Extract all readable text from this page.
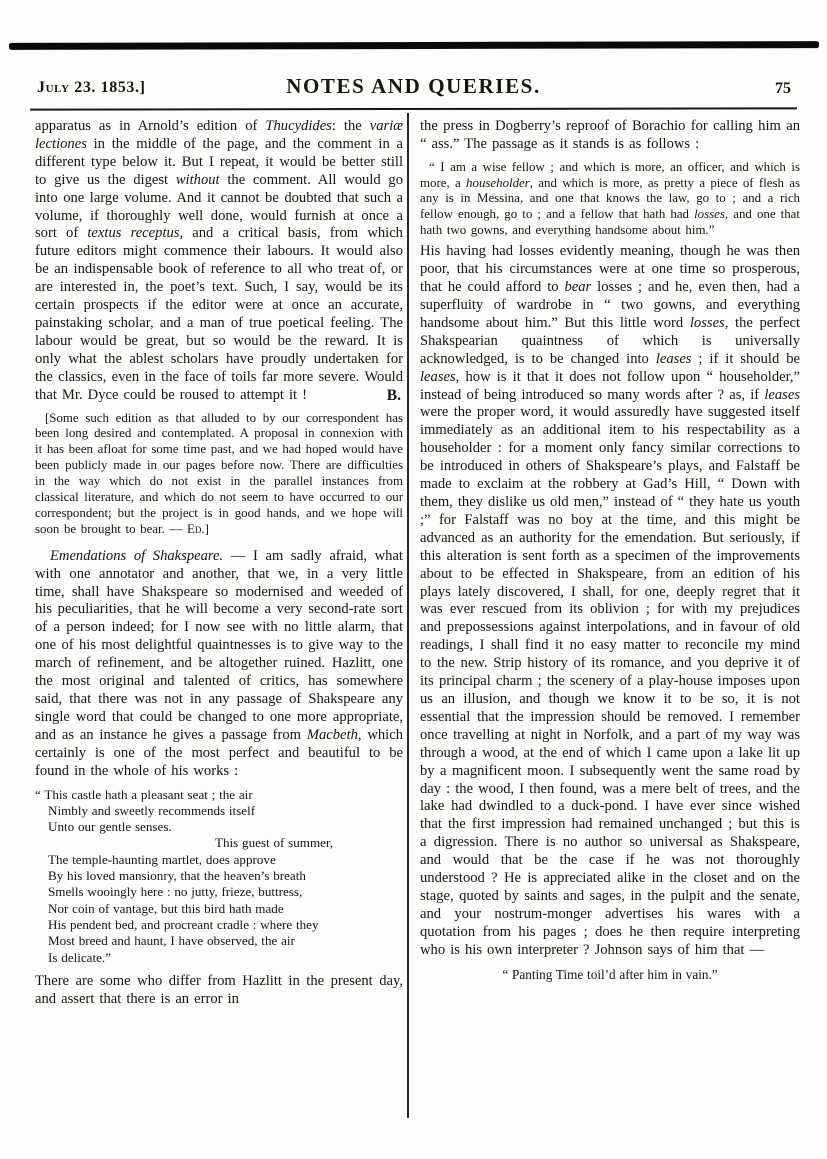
July 23. 1853.]	NOTES AND QUERIES.	75

apparatus as in Arnold’s edition of Thucydides: the variæ lectiones in the middle of the page, and the comment in a different type below it. But I repeat, it would be better still to give us the digest without the comment. All would go into one large volume. And it cannot be doubted that such a volume, if thoroughly well done, would furnish at once a sort of textus receptus, and a critical basis, from which future editors might commence their labours. It would also be an indispensable book of reference to all who treat of, or are interested in, the poet’s text. Such, I say, would be its certain prospects if the editor were at once an accurate, painstaking scholar, and a man of true poetical feeling. The labour would be great, but so would be the reward. It is only what the ablest scholars have proudly undertaken for the classics, even in the face of toils far more severe. Would that Mr. Dyce could be roused to attempt it !	B.

[Some such edition as that alluded to by our correspondent has been long desired and contemplated. A proposal in connexion with it has been afloat for some time past, and we had hoped would have been publicly made in our pages before now. There are difficulties in the way which do not exist in the parallel instances from classical literature, and which do not seem to have occurred to our correspondent; but the project is in good hands, and we hope will soon be brought to bear. — Ed.]

Emendations of Shakspeare. — I am sadly afraid, what with one annotator and another, that we, in a very little time, shall have Shakspeare so modernised and weeded of his peculiarities, that he will become a very second-rate sort of a person indeed; for I now see with no little alarm, that one of his most delightful quaintnesses is to give way to the march of refinement, and be altogether ruined. Hazlitt, one the most original and talented of critics, has somewhere said, that there was not in any passage of Shakspeare any single word that could be changed to one more appropriate, and as an instance he gives a passage from Macbeth, which certainly is one of the most perfect and beautiful to be found in the whole of his works :

“ This castle hath a pleasant seat ; the air
Nimbly and sweetly recommends itself
Unto our gentle senses.
This guest of summer,
The temple-haunting martlet, does approve
By his loved mansionry, that the heaven’s breath
Smells wooingly here : no jutty, frieze, buttress,
Nor coin of vantage, but this bird hath made
His pendent bed, and procreant cradle : where they
Most breed and haunt, I have observed, the air
Is delicate.”

There are some who differ from Hazlitt in the present day, and assert that there is an error in

the press in Dogberry’s reproof of Borachio for calling him an “ ass.” The passage as it stands is as follows :

“ I am a wise fellow ; and which is more, an officer, and which is more, a householder, and which is more, as pretty a piece of flesh as any is in Messina, and one that knows the law, go to ; and a rich fellow enough, go to ; and a fellow that hath had losses, and one that hath two gowns, and everything handsome about him.”

His having had losses evidently meaning, though he was then poor, that his circumstances were at one time so prosperous, that he could afford to bear losses ; and he, even then, had a superfluity of wardrobe in “ two gowns, and everything handsome about him.” But this little word losses, the perfect Shakspearian quaintness of which is universally acknowledged, is to be changed into leases ; if it should be leases, how is it that it does not follow upon “ householder,” instead of being introduced so many words after ? as, if leases were the proper word, it would assuredly have suggested itself immediately as an additional item to his respectability as a householder : for a moment only fancy similar corrections to be introduced in others of Shakspeare’s plays, and Falstaff be made to exclaim at the robbery at Gad’s Hill, “ Down with them, they dislike us old men,” instead of “ they hate us youth ;” for Falstaff was no boy at the time, and this might be advanced as an authority for the emendation. But seriously, if this alteration is sent forth as a specimen of the improvements about to be effected in Shakspeare, from an edition of his plays lately discovered, I shall, for one, deeply regret that it was ever rescued from its oblivion ; for with my prejudices and prepossessions against interpolations, and in favour of old readings, I shall find it no easy matter to reconcile my mind to the new. Strip history of its romance, and you deprive it of its principal charm ; the scenery of a play-house imposes upon us an illusion, and though we know it to be so, it is not essential that the impression should be removed. I remember once travelling at night in Norfolk, and a part of my way was through a wood, at the end of which I came upon a lake lit up by a magnificent moon. I subsequently went the same road by day : the wood, I then found, was a mere belt of trees, and the lake had dwindled to a duck-pond. I have ever since wished that the first impression had remained unchanged ; but this is a digression. There is no author so universal as Shakspeare, and would that be the case if he was not thoroughly understood ? He is appreciated alike in the closet and on the stage, quoted by saints and sages, in the pulpit and the senate, and your nostrum-monger advertises his wares with a quotation from his pages ; does he then require interpreting who is his own interpreter ? Johnson says of him that —

“ Panting Time toil’d after him in vain.”
